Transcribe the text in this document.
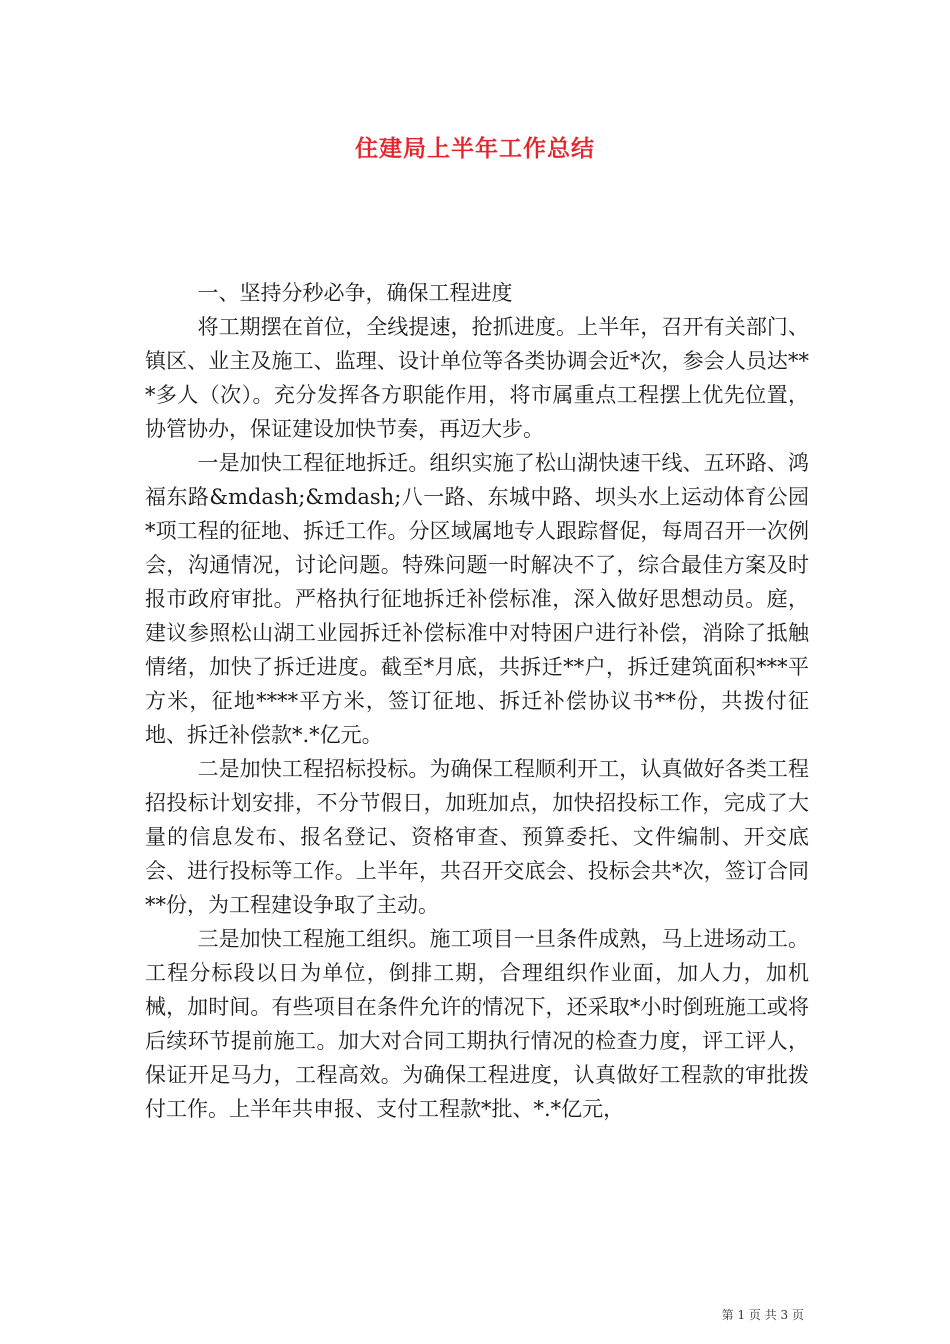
住建局上半年工作总结

一、坚持分秒必争，确保工程进度

将工期摆在首位，全线提速，抢抓进度。上半年，召开有关部门、镇区、业主及施工、监理、设计单位等各类协调会近*次，参会人员达***多人（次）。充分发挥各方职能作用，将市属重点工程摆上优先位置，协管协办，保证建设加快节奏，再迈大步。

一是加快工程征地拆迁。组织实施了松山湖快速干线、五环路、鸿福东路&mdash;&mdash;八一路、东城中路、坝头水上运动体育公园*项工程的征地、拆迁工作。分区域属地专人跟踪督促，每周召开一次例会，沟通情况，讨论问题。特殊问题一时解决不了，综合最佳方案及时报市政府审批。严格执行征地拆迁补偿标准，深入做好思想动员。庭，建议参照松山湖工业园拆迁补偿标准中对特困户进行补偿，消除了抵触情绪，加快了拆迁进度。截至*月底，共拆迁**户，拆迁建筑面积***平方米，征地****平方米，签订征地、拆迁补偿协议书**份，共拨付征地、拆迁补偿款*.*亿元。

二是加快工程招标投标。为确保工程顺利开工，认真做好各类工程招投标计划安排，不分节假日，加班加点，加快招投标工作，完成了大量的信息发布、报名登记、资格审查、预算委托、文件编制、开交底会、进行投标等工作。上半年，共召开交底会、投标会共*次，签订合同**份，为工程建设争取了主动。

三是加快工程施工组织。施工项目一旦条件成熟，马上进场动工。工程分标段以日为单位，倒排工期，合理组织作业面，加人力，加机械，加时间。有些项目在条件允许的情况下，还采取*小时倒班施工或将后续环节提前施工。加大对合同工期执行情况的检查力度，评工评人，保证开足马力，工程高效。为确保工程进度，认真做好工程款的审批拨付工作。上半年共申报、支付工程款*批、*.*亿元，

第 1 页 共 3 页
